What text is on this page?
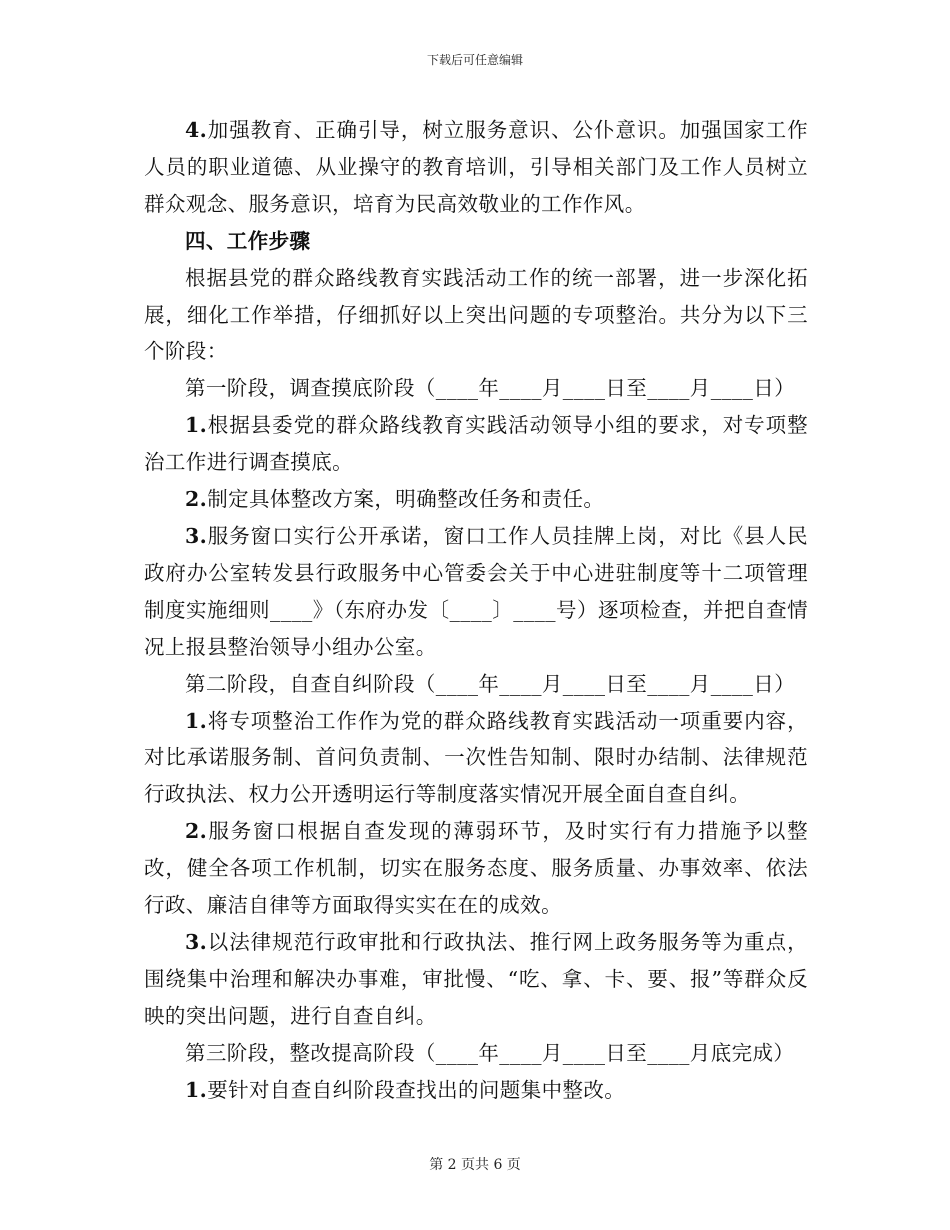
下载后可任意编辑

4.加强教育、正确引导，树立服务意识、公仆意识。加强国家工作人员的职业道德、从业操守的教育培训，引导相关部门及工作人员树立群众观念、服务意识，培育为民高效敬业的工作作风。

四、工作步骤

根据县党的群众路线教育实践活动工作的统一部署，进一步深化拓展，细化工作举措，仔细抓好以上突出问题的专项整治。共分为以下三个阶段：

第一阶段，调查摸底阶段（____年____月____日至____月____日）

1.根据县委党的群众路线教育实践活动领导小组的要求，对专项整治工作进行调查摸底。

2.制定具体整改方案，明确整改任务和责任。

3.服务窗口实行公开承诺，窗口工作人员挂牌上岗，对比《县人民政府办公室转发县行政服务中心管委会关于中心进驻制度等十二项管理制度实施细则____》（东府办发〔____〕____号）逐项检查，并把自查情况上报县整治领导小组办公室。

第二阶段，自查自纠阶段（____年____月____日至____月____日）

1.将专项整治工作作为党的群众路线教育实践活动一项重要内容，对比承诺服务制、首问负责制、一次性告知制、限时办结制、法律规范行政执法、权力公开透明运行等制度落实情况开展全面自查自纠。

2.服务窗口根据自查发现的薄弱环节，及时实行有力措施予以整改，健全各项工作机制，切实在服务态度、服务质量、办事效率、依法行政、廉洁自律等方面取得实实在在的成效。

3.以法律规范行政审批和行政执法、推行网上政务服务等为重点，围绕集中治理和解决办事难，审批慢、“吃、拿、卡、要、报”等群众反映的突出问题，进行自查自纠。

第三阶段，整改提高阶段（____年____月____日至____月底完成）

1.要针对自查自纠阶段查找出的问题集中整改。

第 2 页共 6 页
